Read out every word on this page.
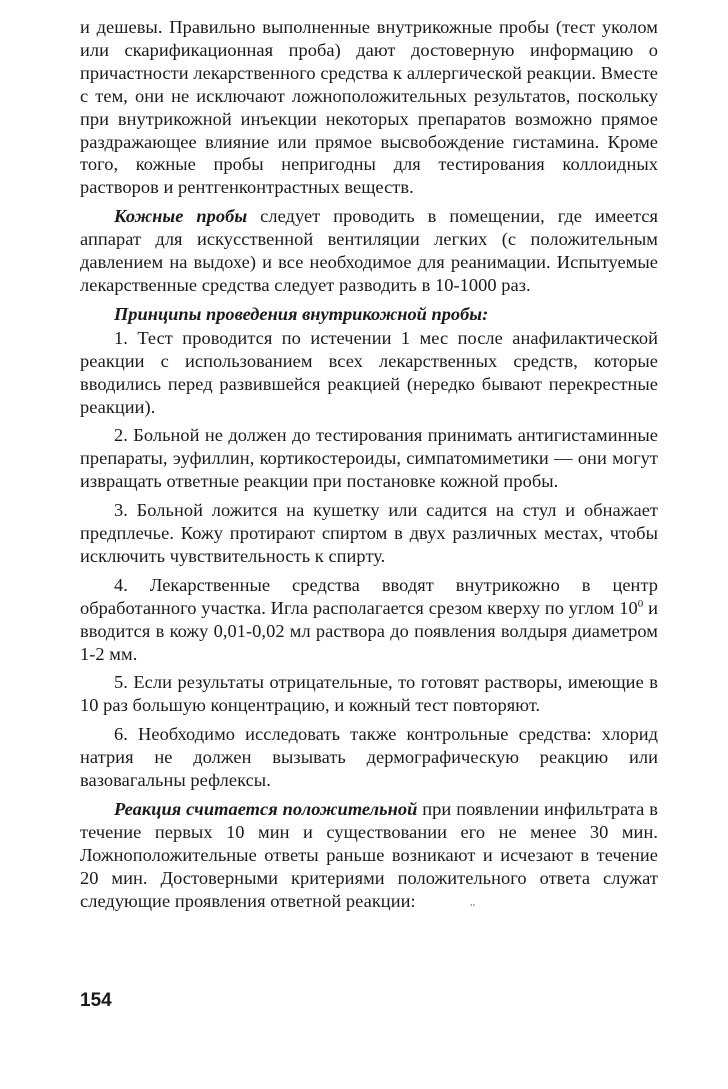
и дешевы. Правильно выполненные внутрикожные пробы (тест уколом или скарификационная проба) дают достоверную информацию о причастности лекарственного средства к аллергической реакции. Вместе с тем, они не исключают ложноположительных результатов, поскольку при внутрикожной инъекции некоторых препаратов возможно прямое раздражающее влияние или прямое высвобождение гистамина. Кроме того, кожные пробы непригодны для тестирования коллоидных растворов и рентгенконтрастных веществ.

Кожные пробы следует проводить в помещении, где имеется аппарат для искусственной вентиляции легких (с положительным давлением на выдохе) и все необходимое для реанимации. Испытуемые лекарственные средства следует разводить в 10-1000 раз.

Принципы проведения внутрикожной пробы:

1. Тест проводится по истечении 1 мес после анафилактической реакции с использованием всех лекарственных средств, которые вводились перед развившейся реакцией (нередко бывают перекрестные реакции).

2. Больной не должен до тестирования принимать антигистаминные препараты, эуфиллин, кортикостероиды, симпатомиметики — они могут извращать ответные реакции при постановке кожной пробы.

3. Больной ложится на кушетку или садится на стул и обнажает предплечье. Кожу протирают спиртом в двух различных местах, чтобы исключить чувствительность к спирту.

4. Лекарственные средства вводят внутрикожно в центр обработанного участка. Игла располагается срезом кверху по углом $10^0$ и вводится в кожу 0,01-0,02 мл раствора до появления волдыря диаметром 1-2 мм.

5. Если результаты отрицательные, то готовят растворы, имеющие в 10 раз большую концентрацию, и кожный тест повторяют.

6. Необходимо исследовать также контрольные средства: хлорид натрия не должен вызывать дермографическую реакцию или вазовагальны рефлексы.

Реакция считается положительной при появлении инфильтрата в течение первых 10 мин и существовании его не менее 30 мин. Ложноположительные ответы раньше возникают и исчезают в течение 20 мин. Достоверными критериями положительного ответа служат следующие проявления ответной реакции:	‚,

154
